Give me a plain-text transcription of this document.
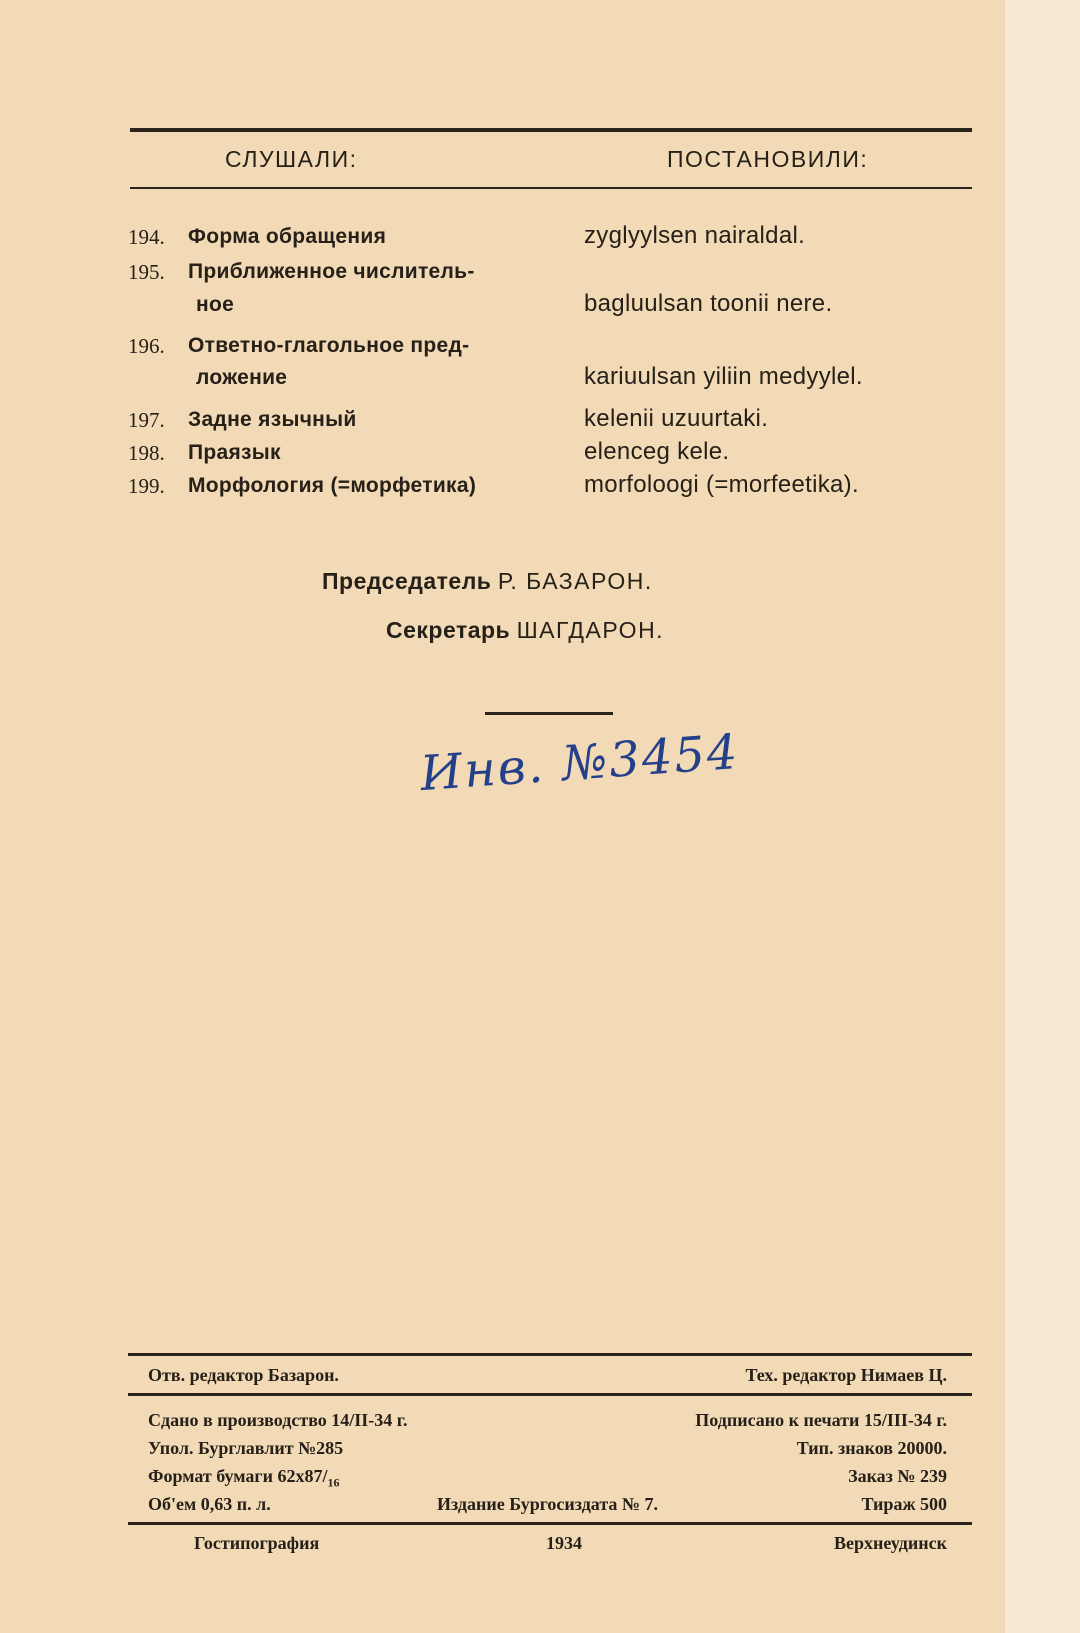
СЛУШАЛИ:	ПОСТАНОВИЛИ:
194. Форма обращения	zyglyylsen nairaldal.
195. Приближенное числитель-
ное	bagluulsan toonii nere.
196. Ответно-глагольное пред-
ложение	kariuulsan yiliin medyylel.
197. Задне язычный	kelenii uzuurtaki.
198. Праязык	elenceg kele.
199. Морфология (=морфетика)	morfoloogi (=morfeetika).
Председатель Р. БАЗАРОН.
Секретарь ШАГДАРОН.
Инв. №3454
Отв. редактор Базарон.	Тех. редактор Нимаев Ц.
Сдано в производство 14/II-34 г.	Подписано к печати 15/III-34 г.
Упол. Бурглавлит №285	Тип. знаков 20000.
Формат бумаги $62x87/_{16}$	Заказ № 239
Об'ем 0,63 п. л.	Издание Бургосиздата № 7.	Тираж 500
Гостипография	1934	Верхнеудинск
